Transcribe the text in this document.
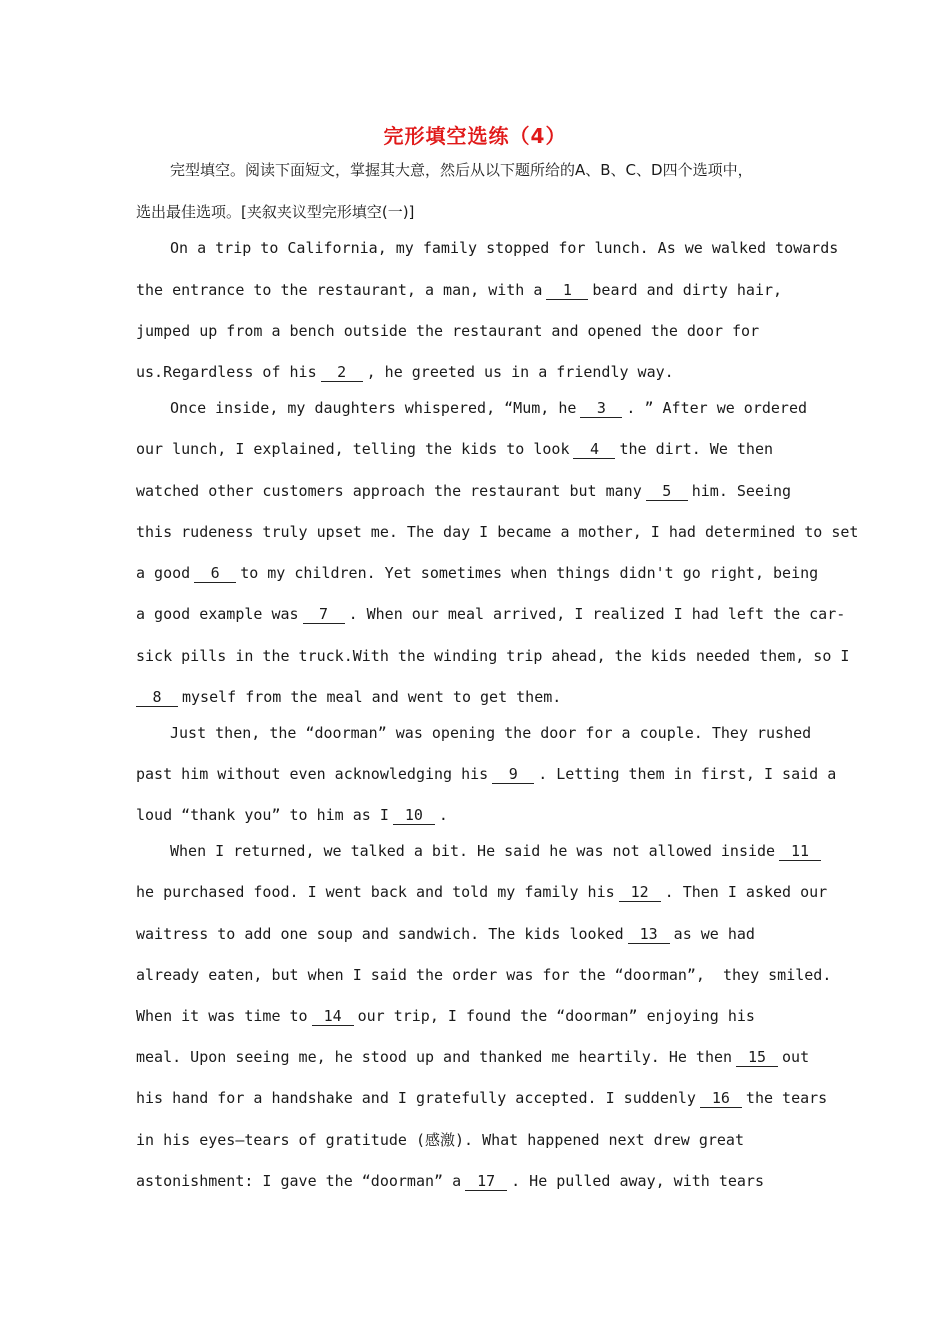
完形填空选练（4）
完型填空。阅读下面短文，掌握其大意，然后从以下题所给的A、B、C、D四个选项中，
选出最佳选项。[夹叙夹议型完形填空(一)]
On a trip to California, my family stopped for lunch. As we walked towards
the entrance to the restaurant, a man, with a 1 beard and dirty hair,
jumped up from a bench outside the restaurant and opened the door for
us.Regardless of his 2 , he greeted us in a friendly way.
Once inside, my daughters whispered, “Mum, he 3 . ” After we ordered
our lunch, I explained, telling the kids to look 4 the dirt. We then
watched other customers approach the restaurant but many 5 him. Seeing
this rudeness truly upset me. The day I became a mother, I had determined to set
a good 6 to my children. Yet sometimes when things didn't go right, being
a good example was 7 . When our meal arrived, I realized I had left the car-
sick pills in the truck.With the winding trip ahead, the kids needed them, so I
8 myself from the meal and went to get them.
Just then, the “doorman” was opening the door for a couple. They rushed
past him without even acknowledging his 9 . Letting them in first, I said a
loud “thank you” to him as I 10 .
When I returned, we talked a bit. He said he was not allowed inside 11
he purchased food. I went back and told my family his 12 . Then I asked our
waitress to add one soup and sandwich. The kids looked 13 as we had
already eaten, but when I said the order was for the “doorman”,  they smiled.
When it was time to 14 our trip, I found the “doorman” enjoying his
meal. Upon seeing me, he stood up and thanked me heartily. He then 15 out
his hand for a handshake and I gratefully accepted. I suddenly 16 the tears
in his eyes—tears of gratitude (感激). What happened next drew great
astonishment: I gave the “doorman” a 17 . He pulled away, with tears
